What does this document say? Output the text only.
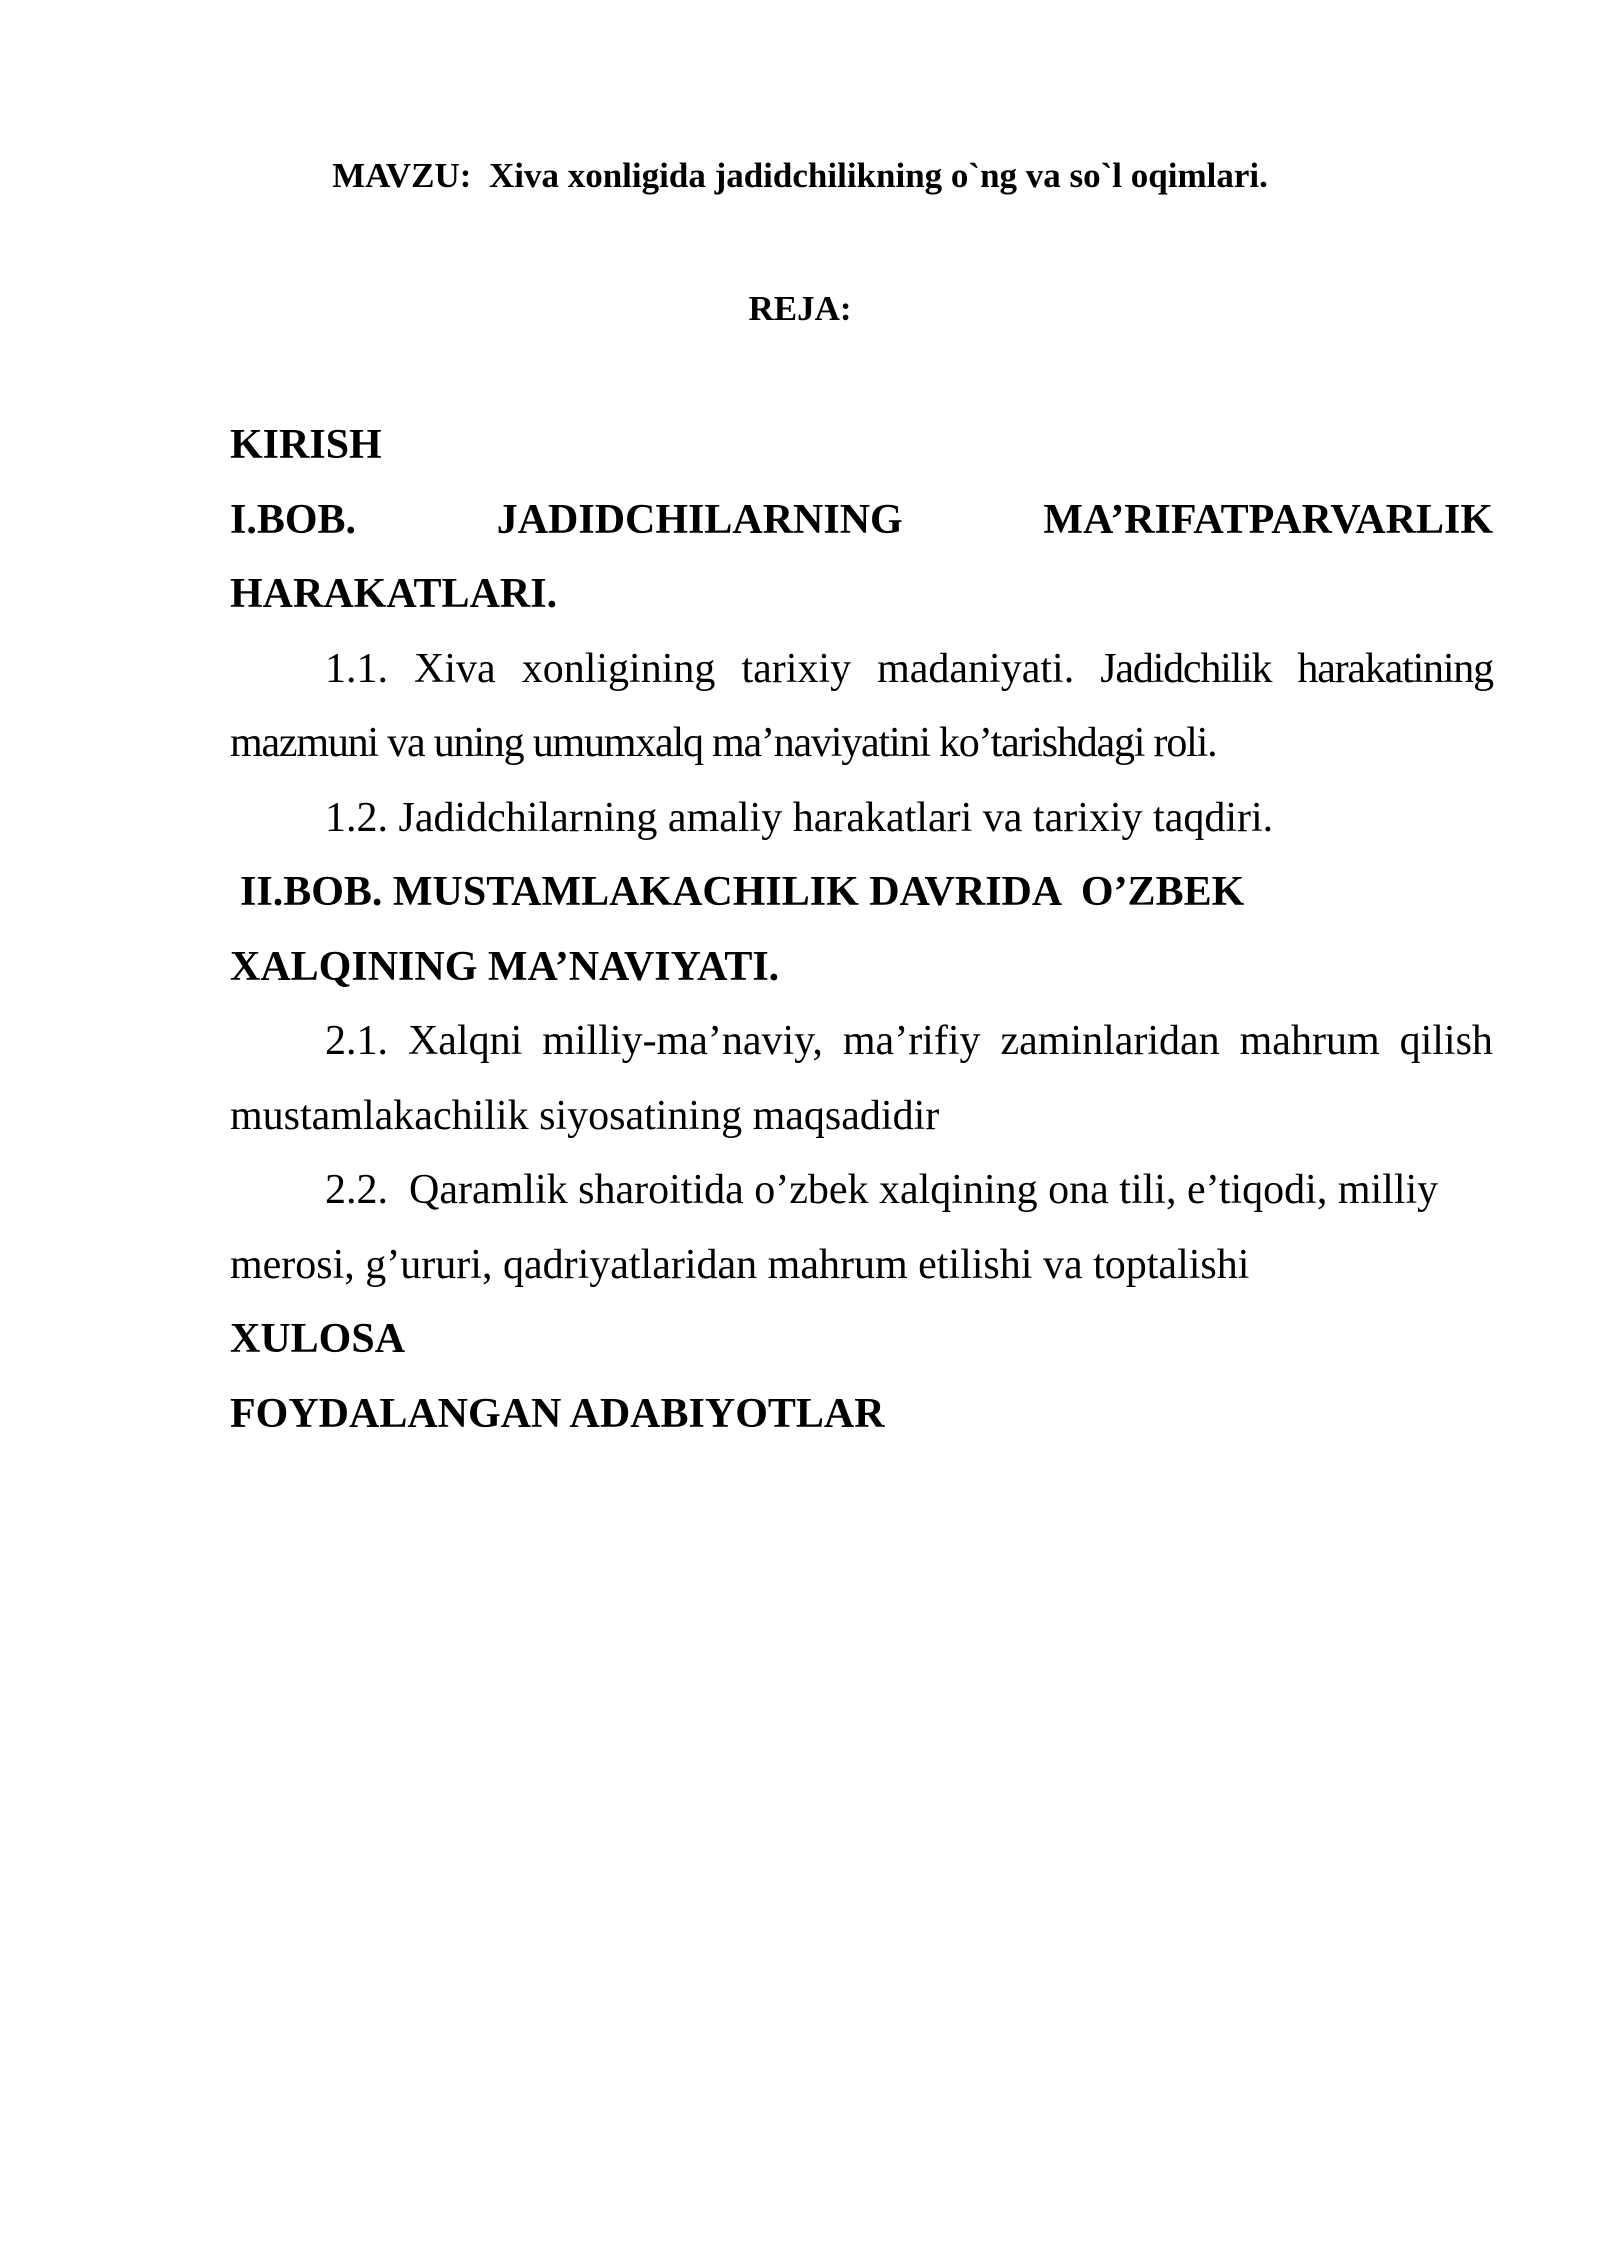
MAVZU:  Xiva xonligida jadidchilikning o`ng va so`l oqimlari.
REJA:
KIRISH
I.BOB.	JADIDCHILARNING	MA’RIFATPARVARLIK
HARAKATLARI.
1.1. Xiva xonligining tarixiy madaniyati. Jadidchilik harakatining
mazmuni va uning umumxalq ma’naviyatini ko’tarishdagi roli.
1.2. Jadidchilarning amaliy harakatlari va tarixiy taqdiri.
II.BOB. MUSTAMLAKACHILIK DAVRIDA  O’ZBEK
XALQINING MA’NAVIYATI.
2.1. Xalqni milliy-ma’naviy, ma’rifiy zaminlaridan mahrum qilish
mustamlakachilik siyosatining maqsadidir
2.2.  Qaramlik sharoitida o’zbek xalqining ona tili, e’tiqodi, milliy
merosi, g’ururi, qadriyatlaridan mahrum etilishi va toptalishi
XULOSA
FOYDALANGAN ADABIYOTLAR
